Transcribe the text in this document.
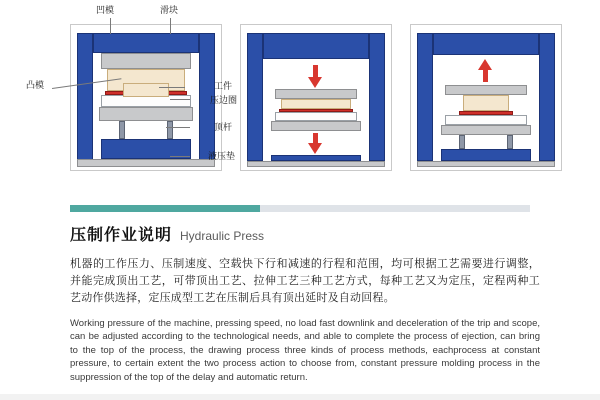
凹模	滑块
凸模	工件
压边圈
顶杆
液压垫
压制作业说明 Hydraulic Press

机器的工作压力、压制速度、空载快下行和减速的行程和范围，均可根据工艺需要进行调整，并能完成顶出工艺，可带顶出工艺、拉伸工艺三种工艺方式，每种工艺又为定压，定程两种工艺动作供选择，定压成型工艺在压制后具有顶出延时及自动回程。

Working pressure of the machine, pressing speed, no load fast downlink and deceleration of the trip and scope, can be adjusted according to the technological needs, and able to complete the process of ejection, can bring to the top of the process, the drawing process three kinds of process methods, eachprocess at constant pressure, to certain extent the two process action to choose from, constant pressure molding process in the suppression of the top of the delay and automatic return.
